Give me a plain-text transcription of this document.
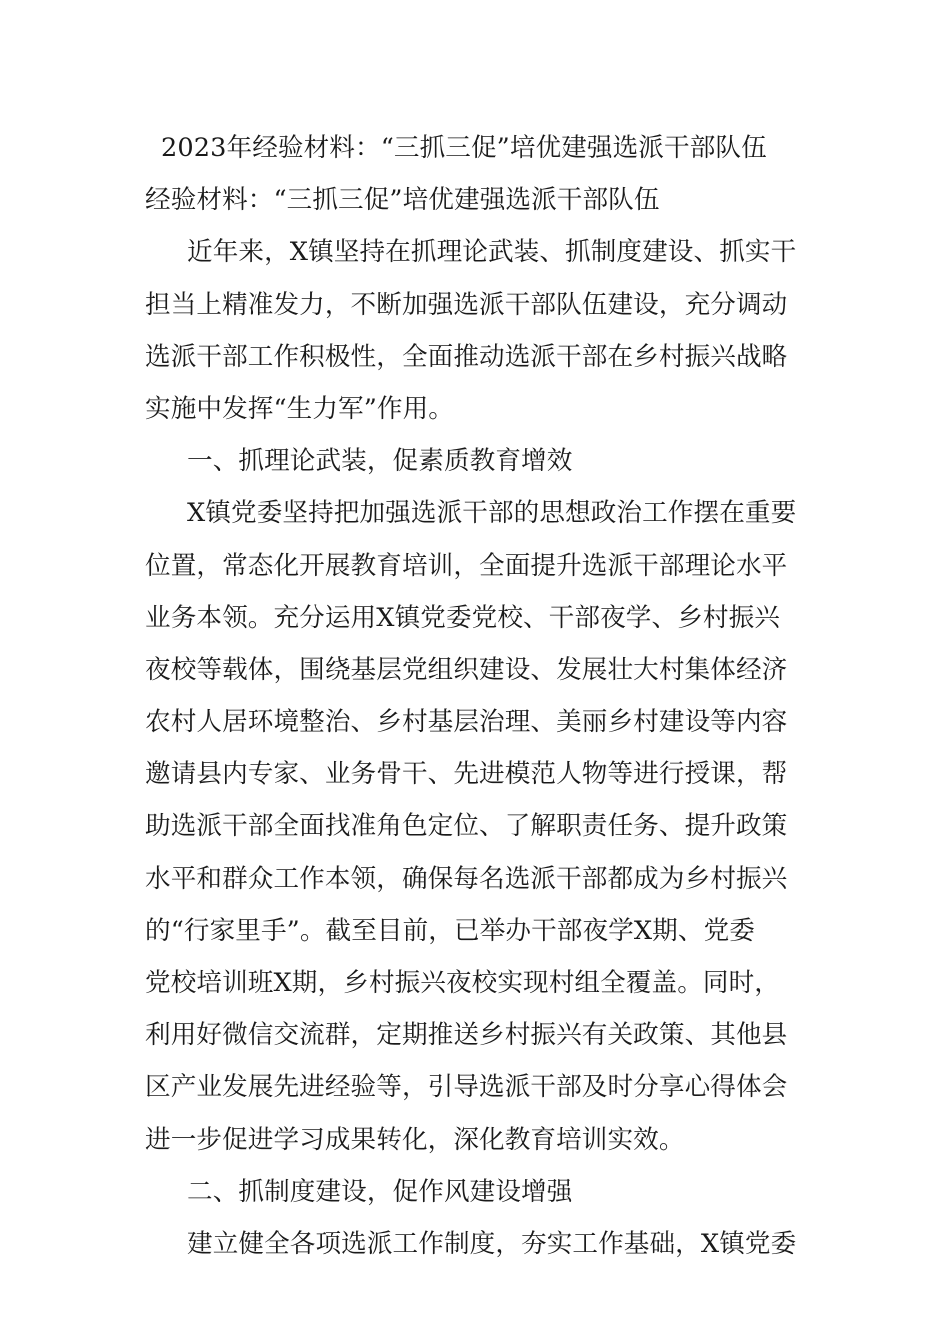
2023年经验材料：“三抓三促”培优建强选派干部队伍
经验材料：“三抓三促”培优建强选派干部队伍
近年来，X镇坚持在抓理论武装、抓制度建设、抓实干
担当上精准发力，不断加强选派干部队伍建设，充分调动
选派干部工作积极性，全面推动选派干部在乡村振兴战略
实施中发挥“生力军”作用。
一、抓理论武装，促素质教育增效
X镇党委坚持把加强选派干部的思想政治工作摆在重要
位置，常态化开展教育培训，全面提升选派干部理论水平
业务本领。充分运用X镇党委党校、干部夜学、乡村振兴
夜校等载体，围绕基层党组织建设、发展壮大村集体经济
农村人居环境整治、乡村基层治理、美丽乡村建设等内容
邀请县内专家、业务骨干、先进模范人物等进行授课，帮
助选派干部全面找准角色定位、了解职责任务、提升政策
水平和群众工作本领，确保每名选派干部都成为乡村振兴
的“行家里手”。截至目前，已举办干部夜学X期、党委
党校培训班X期，乡村振兴夜校实现村组全覆盖。同时，
利用好微信交流群，定期推送乡村振兴有关政策、其他县
区产业发展先进经验等，引导选派干部及时分享心得体会
进一步促进学习成果转化，深化教育培训实效。
二、抓制度建设，促作风建设增强
建立健全各项选派工作制度，夯实工作基础，X镇党委
